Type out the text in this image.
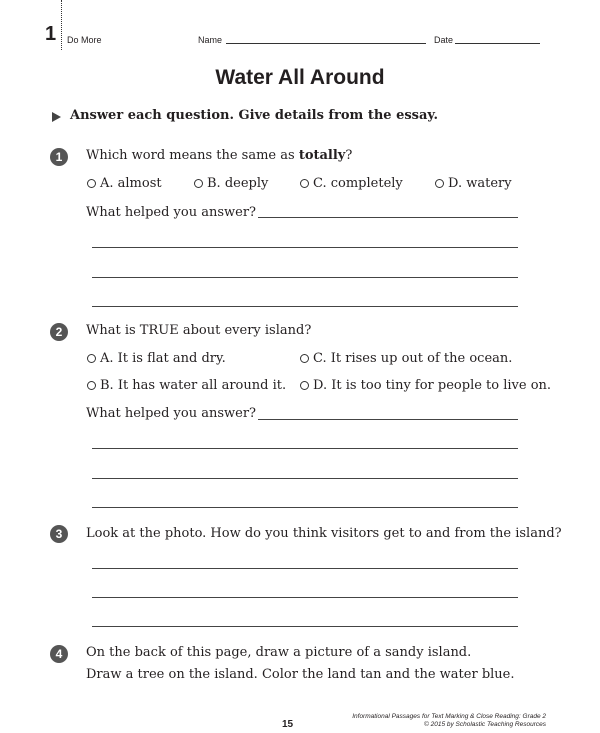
1 Do More	Name	Date
Water All Around
Answer each question. Give details from the essay.
1	Which word means the same as totally?
A. almost	B. deeply	C. completely	D. watery
What helped you answer?
2	What is TRUE about every island?
A. It is flat and dry.	C. It rises up out of the ocean.
B. It has water all around it. D. It is too tiny for people to live on.
What helped you answer?
3	Look at the photo. How do you think visitors get to and from the island?
4	On the back of this page, draw a picture of a sandy island.
Draw a tree on the island. Color the land tan and the water blue.
15
Informational Passages for Text Marking & Close Reading: Grade 2
© 2015 by Scholastic Teaching Resources
